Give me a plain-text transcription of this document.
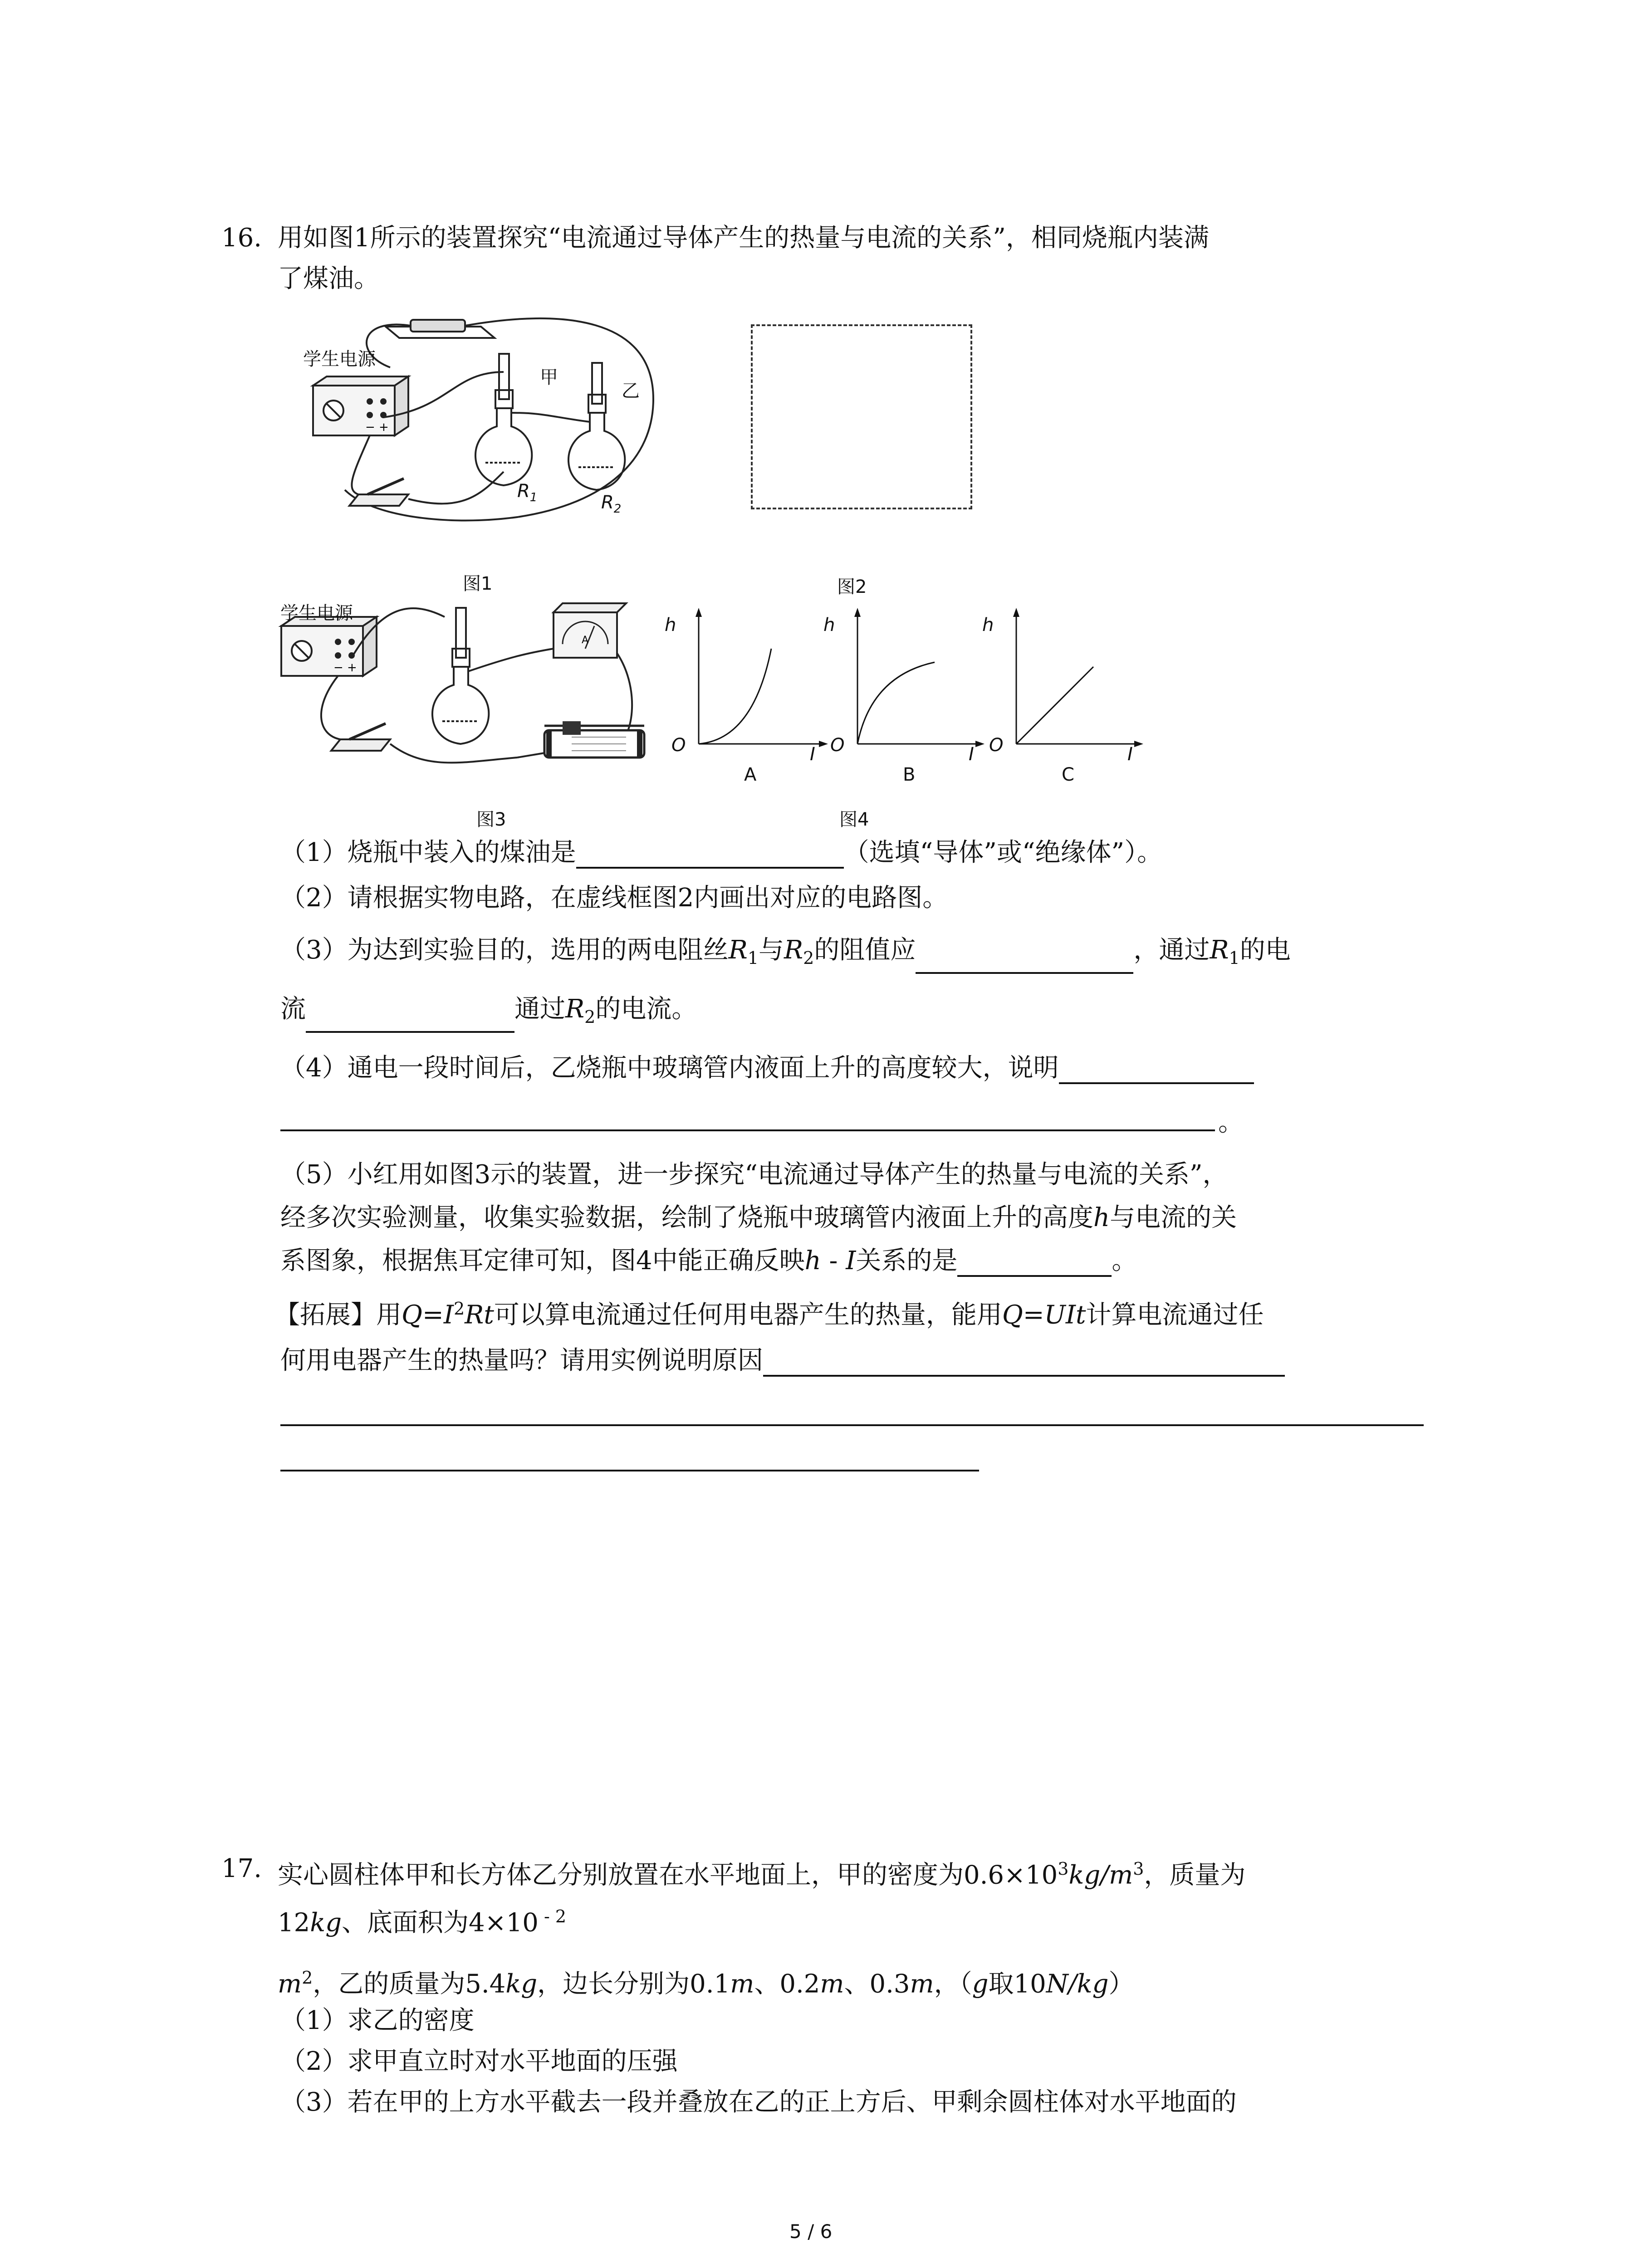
16. 用如图1所示的装置探究“电流通过导体产生的热量与电流的关系”，相同烧瓶内装满
了煤油。
− +
学生电源
甲
乙
$R_1$	$R_2$
图1	图2
− +
A
学生电源
h	h	h
O	O	O
I	I	I
A	B	C
图3	图4
（1）烧瓶中装入的煤油是	（选填“导体”或“绝缘体”）。
（2）请根据实物电路，在虚线框图2内画出对应的电路图。
（3）为达到实验目的，选用的两电阻丝$R_1$与$R_2$的阻值应	，通过$R_1$的电
流	通过$R_2$的电流。
（4）通电一段时间后，乙烧瓶中玻璃管内液面上升的高度较大，说明
。
（5）小红用如图3示的装置，进一步探究“电流通过导体产生的热量与电流的关系”，
经多次实验测量，收集实验数据，绘制了烧瓶中玻璃管内液面上升的高度h与电流的关
系图象，根据焦耳定律可知，图4中能正确反映h - I关系的是	。
【拓展】用$Q=I^2Rt$可以算电流通过任何用电器产生的热量，能用Q=UIt计算电流通过任
何用电器产生的热量吗？请用实例说明原因
17. 实心圆柱体甲和长方体乙分别放置在水平地面上，甲的密度为$0.6\times 10^3kg/m^3$，质量为
12kg、底面积为4×10 $^{- 2}$
$m^2$，乙的质量为5.4kg，边长分别为0.1m、0.2m、0.3m，（g取10N/kg）
（1）求乙的密度
（2）求甲直立时对水平地面的压强
（3）若在甲的上方水平截去一段并叠放在乙的正上方后、甲剩余圆柱体对水平地面的
5 / 6
